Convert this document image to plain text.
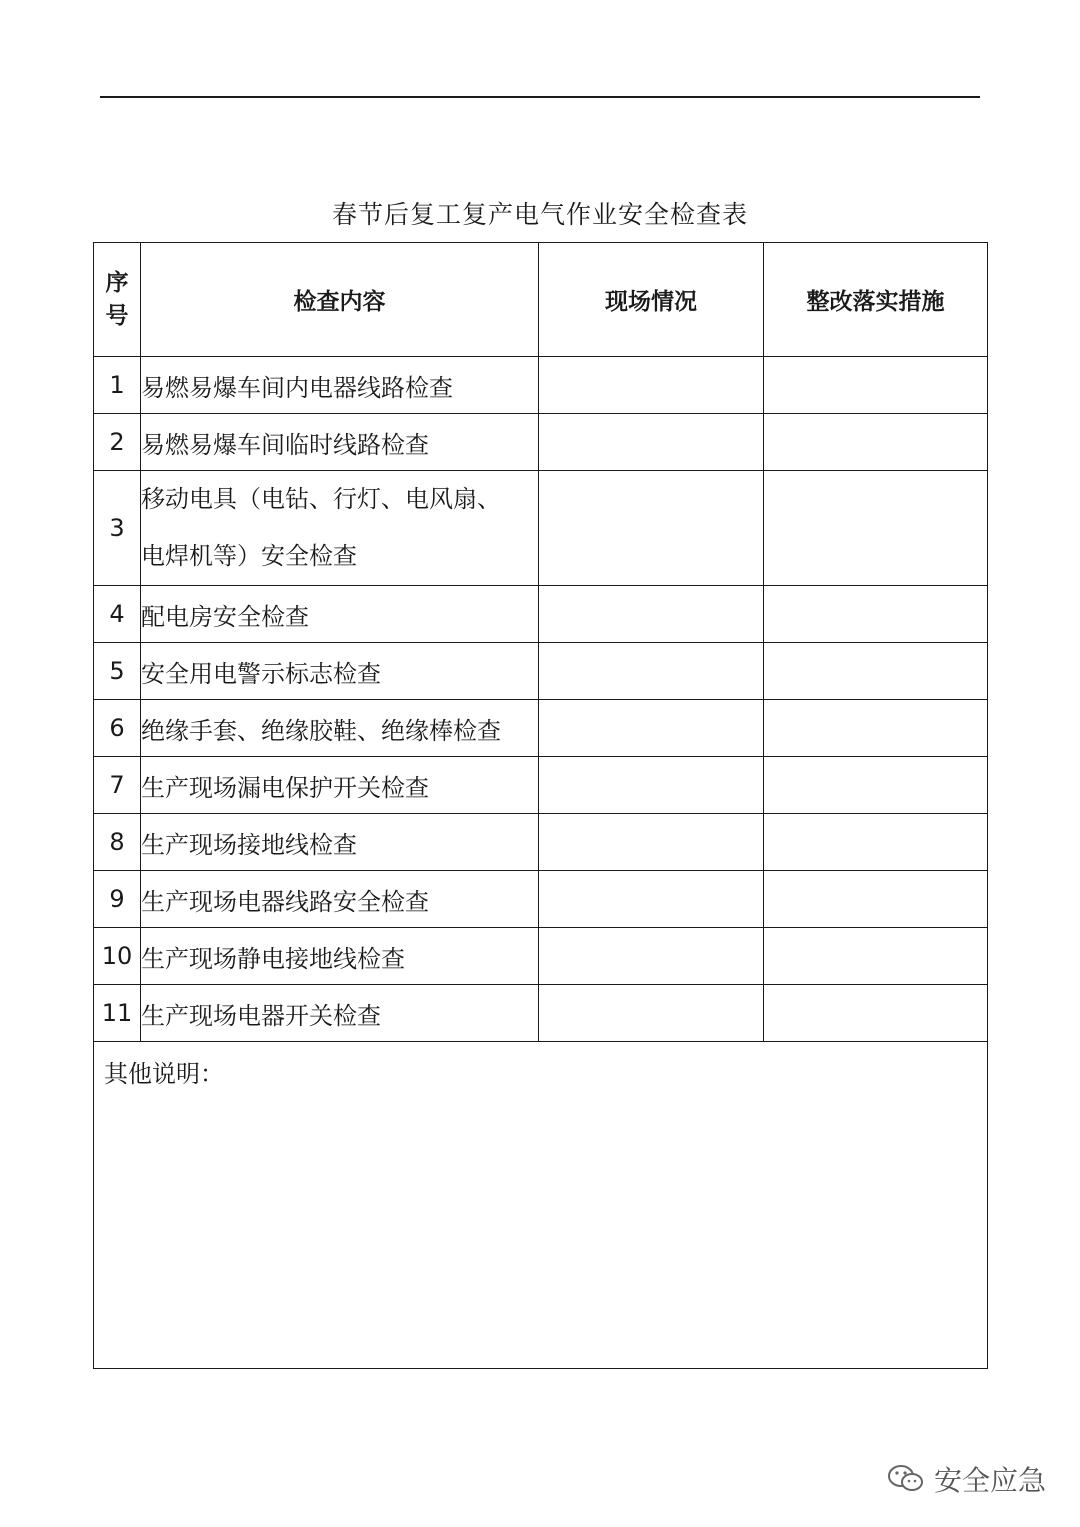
春节后复工复产电气作业安全检查表
序
号	检查内容	现场情况	整改落实措施
1	易燃易爆车间内电器线路检查		
2	易燃易爆车间临时线路检查		
3	移动电具（电钻、行灯、电风扇、
电焊机等）安全检查		

4	配电房安全检查		
5	安全用电警示标志检查		
6	绝缘手套、绝缘胶鞋、绝缘棒检查		
7	生产现场漏电保护开关检查		
8	生产现场接地线检查		
9	生产现场电器线路安全检查		
10	生产现场静电接地线检查		
11	生产现场电器开关检查		
其他说明：			
安全应急
